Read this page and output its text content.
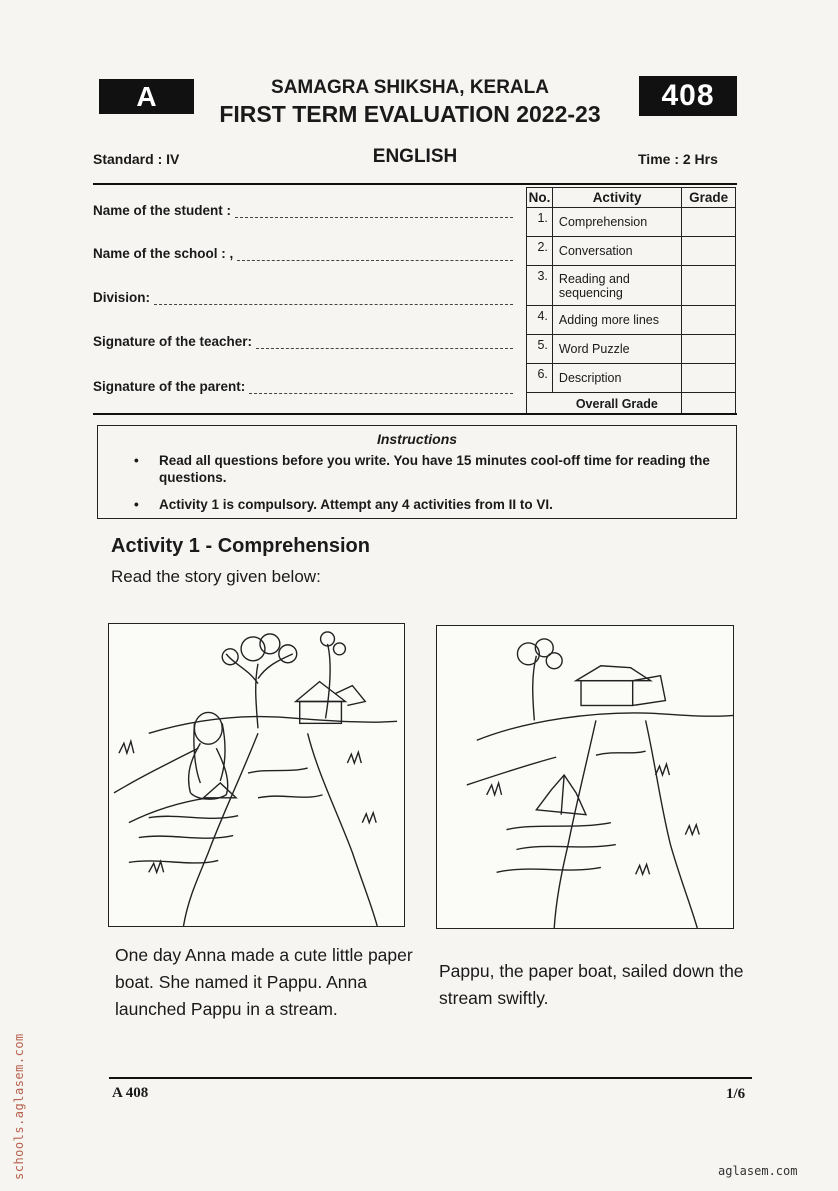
A	SAMAGRA SHIKSHA, KERALA
FIRST TERM EVALUATION 2022-23
408
Standard : IV	ENGLISH	Time : 2 Hrs
Name of the student :
Name of the school : ,
Division:
Signature of the teacher:
Signature of the parent:
No.	Activity	Grade
1.	Comprehension	
2.	Conversation	
3.	Reading and sequencing	
4.	Adding more lines	
5.	Word Puzzle	
6.	Description	
	Overall Grade	
Instructions
•	Read all questions before you write. You have 15 minutes cool-off time for reading the questions.
•	Activity 1 is compulsory. Attempt any 4 activities from II to VI.
Activity 1 - Comprehension
Read the story given below:
One day Anna made a cute little paper boat. She named it Pappu. Anna launched Pappu in a stream.
Pappu, the paper boat, sailed down the stream swiftly.
A 408	1/6
schools.aglasem.com	aglasem.com
